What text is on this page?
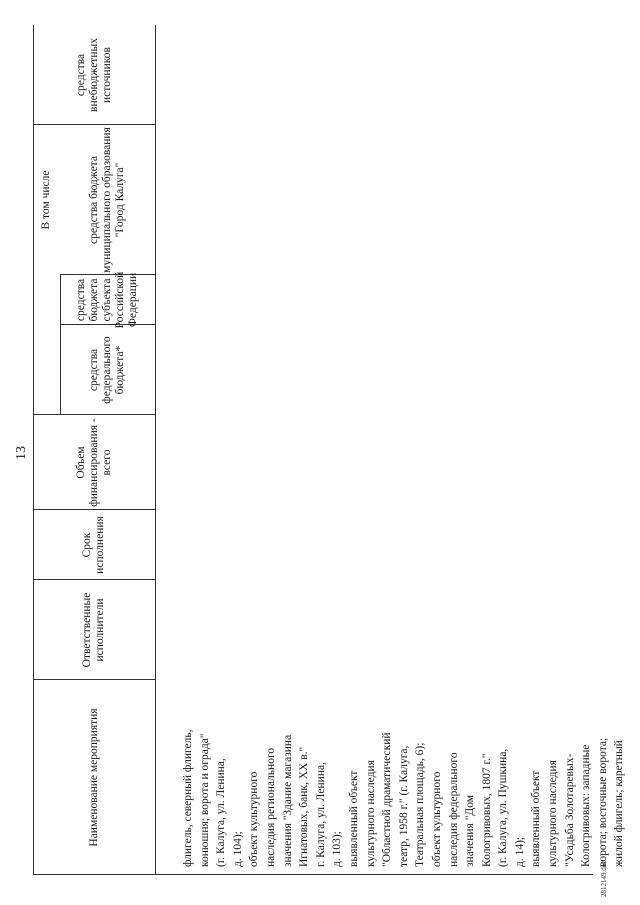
13
Наименование мероприятия
Ответственные исполнители
Срок исполнения
Объем финансирования - всего
средства федерального бюджета*
средства бюджета субъекта Российской Федерации
В том числе	средства бюджета муниципального образования "Город Калуга"
средства внебюджетных источников
флигель, северный флигель, конюшня; ворота и ограда" (г. Калуга, ул. Ленина, д. 104); объект культурного наследия регионального значения "Здание магазина Игнатовых, банк, XX в." г. Калуга, ул. Ленина, д. 103); выявленный объект культурного наследия "Областной драматический театр, 1958 г." (г. Калуга, Театральная площадь, 6); объект культурного наследия федерального значения "Дом Кологривовых, 1807 г." (г. Калуга, ул. Пушкина, д. 14); выявленный объект культурного наследия "Усадьба Золотаревых- Кологривовых: западные ворота; восточные ворота; жилой флигель; каретный
2812149.doc
